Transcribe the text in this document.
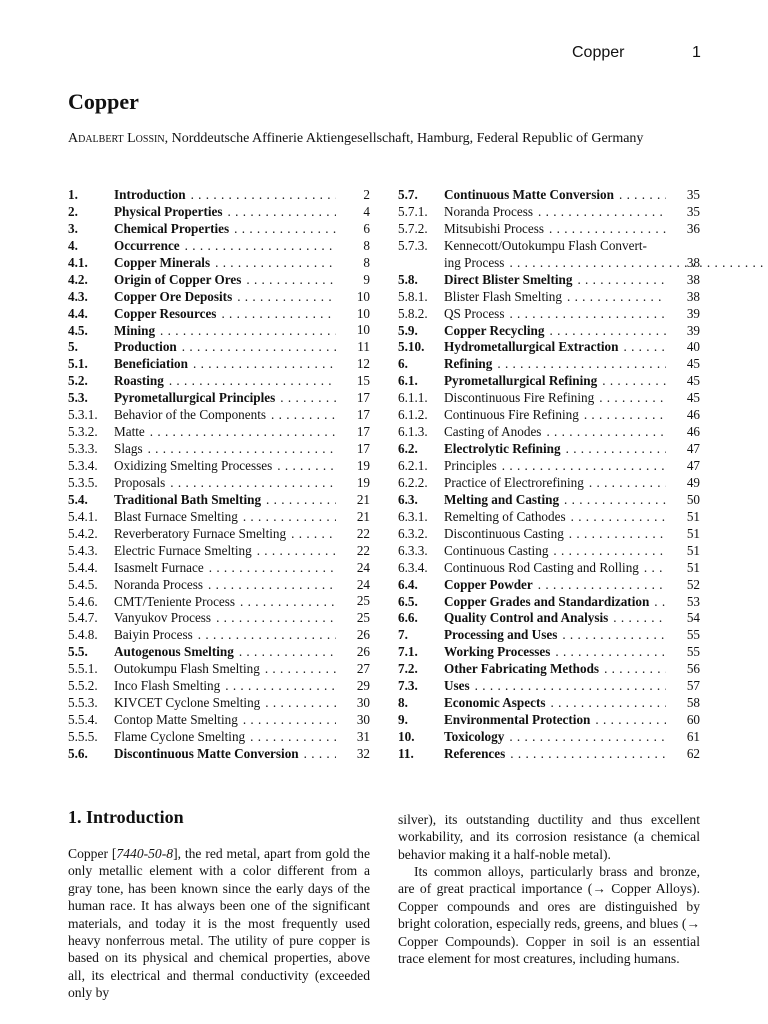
Copper	1
Copper
Adalbert Lossin, Norddeutsche Affinerie Aktiengesellschaft, Hamburg, Federal Republic of Germany
1.	Introduction . . .	2
2.	Physical Properties . . .	4
3.	Chemical Properties . . .	6
4.	Occurrence . . .	8
4.1.	Copper Minerals . . .	8
4.2.	Origin of Copper Ores . . .	9
4.3.	Copper Ore Deposits . . .	10
4.4.	Copper Resources . . .	10
4.5.	Mining . . .	10
5.	Production . . .	11
5.1.	Beneficiation . . .	12
5.2.	Roasting . . .	15
5.3.	Pyrometallurgical Principles . . .	17
5.3.1.	Behavior of the Components . . .	17
5.3.2.	Matte . . .	17
5.3.3.	Slags . . .	17
5.3.4.	Oxidizing Smelting Processes . . .	19
5.3.5.	Proposals . . .	19
5.4.	Traditional Bath Smelting . . .	21
5.4.1.	Blast Furnace Smelting . . .	21
5.4.2.	Reverberatory Furnace Smelting . . .	22
5.4.3.	Electric Furnace Smelting . . .	22
5.4.4.	Isasmelt Furnace . . .	24
5.4.5.	Noranda Process . . .	24
5.4.6.	CMT/Teniente Process . . .	25
5.4.7.	Vanyukov Process . . .	25
5.4.8.	Baiyin Process . . .	26
5.5.	Autogenous Smelting . . .	26
5.5.1.	Outokumpu Flash Smelting . . .	27
5.5.2.	Inco Flash Smelting . . .	29
5.5.3.	KIVCET Cyclone Smelting . . .	30
5.5.4.	Contop Matte Smelting . . .	30
5.5.5.	Flame Cyclone Smelting . . .	31
5.6.	Discontinuous Matte Conversion . . .	32
5.7.	Continuous Matte Conversion . . .	35
5.7.1.	Noranda Process . . .	35
5.7.2.	Mitsubishi Process . . .	36
5.7.3.	Kennecott/Outokumpu Flash Convert-
ing Process . . .	38
5.8.	Direct Blister Smelting . . .	38
5.8.1.	Blister Flash Smelting . . .	38
5.8.2.	QS Process . . .	39
5.9.	Copper Recycling . . .	39
5.10.	Hydrometallurgical Extraction . . .	40
6.	Refining . . .	45
6.1.	Pyrometallurgical Refining . . .	45
6.1.1.	Discontinuous Fire Refining . . .	45
6.1.2.	Continuous Fire Refining . . .	46
6.1.3.	Casting of Anodes . . .	46
6.2.	Electrolytic Refining . . .	47
6.2.1.	Principles . . .	47
6.2.2.	Practice of Electrorefining . . .	49
6.3.	Melting and Casting . . .	50
6.3.1.	Remelting of Cathodes . . .	51
6.3.2.	Discontinuous Casting . . .	51
6.3.3.	Continuous Casting . . .	51
6.3.4.	Continuous Rod Casting and Rolling . . .	51
6.4.	Copper Powder . . .	52
6.5.	Copper Grades and Standardization . . .	53
6.6.	Quality Control and Analysis . . .	54
7.	Processing and Uses . . .	55
7.1.	Working Processes . . .	55
7.2.	Other Fabricating Methods . . .	56
7.3.	Uses . . .	57
8.	Economic Aspects . . .	58
9.	Environmental Protection . . .	60
10.	Toxicology . . .	61
11.	References . . .	62
1. Introduction

Copper [7440-50-8], the red metal, apart from gold the only metallic element with a color different from a gray tone, has been known since the early days of the human race. It has always been one of the significant materials, and today it is the most frequently used heavy nonferrous metal. The utility of pure copper is based on its physical and chemical properties, above all, its electrical and thermal conductivity (exceeded only by

silver), its outstanding ductility and thus excellent workability, and its corrosion resistance (a chemical behavior making it a half-noble metal).

Its common alloys, particularly brass and bronze, are of great practical importance (→ Copper Alloys). Copper compounds and ores are distinguished by bright coloration, especially reds, greens, and blues (→ Copper Compounds). Copper in soil is an essential trace element for most creatures, including humans.
